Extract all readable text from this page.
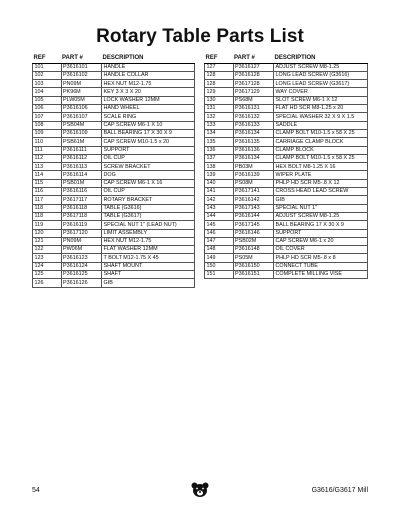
Rotary Table Parts List
REF	PART #	DESCRIPTION
101	P3616101	HANDLE
102	P3616102	HANDLE COLLAR
103	PN09M	HEX NUT M12-1.75
104	PK96M	KEY 3 X 3 X 20
105	PLW05M	LOCK WASHER 12MM
106	P3616106	HAND WHEEL
107	P3616107	SCALE RING
108	PSB04M	CAP SCREW M6-1 X 10
109	P3616109	BALL BEARING 17 X 30 X 9
110	PSB61M	CAP SCREW M10-1.5 x 20
111	P3616111	SUPPORT
112	P3616112	OIL CUP
113	P3616113	SCREW BRACKET
114	P3616114	DOG
115	PSB01M	CAP SCREW M6-1 X 16
116	P3616116	OIL CUP
117	P3617117	ROTARY BRACKET
118	P3616118	TABLE (G3616)
118	P3617118	TABLE (G3617)
119	P3616119	SPECIAL NUT 1" (LEAD NUT)
120	P3617120	LIMIT ASSEMBLY
121	PN09M	HEX NUT M12-1.75
122	PW06M	FLAT WASHER 12MM
123	P3616123	T BOLT M12-1.75 X 45
124	P3616124	SHAFT MOUNT
125	P3616125	SHAFT
126	P3616126	GIB
REF	PART #	DESCRIPTION
127	P3616127	ADJUST SCREW M8-1.25
128	P3616128	LONG LEAD SCREW (G3616)
128	P3617128	LONG LEAD SCREW (G3617)
129	P3617129	WAY COVER
130	PS68M	SLOT SCREW M6-1 X 12
131	P3616131	FLAT HD SCR M8-1.25 x 20
132	P3616132	SPECIAL WASHER 32 X 9 X 1.5
133	P3616133	SADDLE
134	P3616134	CLAMP BOLT M10-1.5 x 58 X 25
135	P3616135	CARRIAGE CLAMP BLOCK
136	P3616136	CLAMP BLOCK
137	P3616134	CLAMP BOLT M10-1.5 x 58 X 25
138	PB03M	HEX BOLT M8-1.25 X 16
139	P3616139	WIPER PLATE
140	PS08M	PHLP HD SCR M5-.8 X 12
141	P3617141	CROSS HEAD LEAD SCREW
142	P3616142	GIB
143	P3617143	SPECIAL NUT 1"
144	P3616144	ADJUST SCREW M8-1.25
145	P3617145	BALL BEARING 17 X 30 X 9
146	P3616146	SUPPORT
147	PSB02M	CAP SCREW M6-1 x 20
148	P3616148	OIL COVER
149	PS05M	PHLP HD SCR M5-.8 x 8
150	P3616150	CONNECT TUBE
151	P3616151	COMPLETE MILLING VISE
54	G3616/G3617 Mill
